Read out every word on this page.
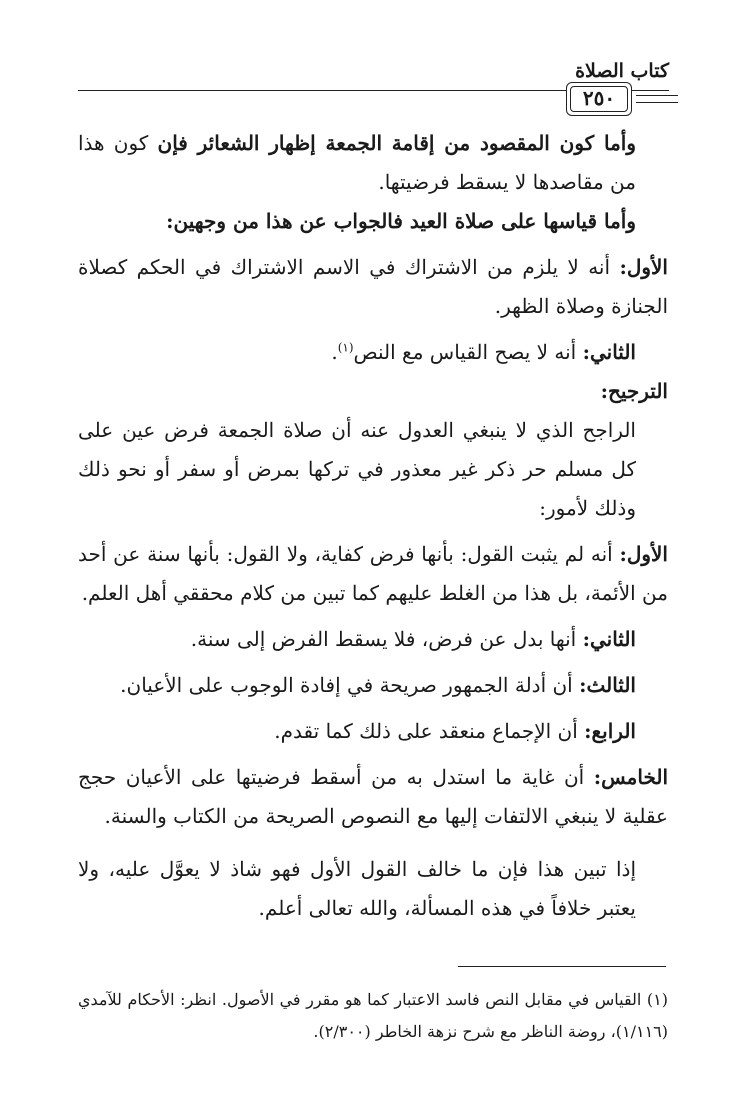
كتاب الصلاة
٢٥٠

وأما كون المقصود من إقامة الجمعة إظهار الشعائر فإن كون هذا من مقاصدها لا يسقط فرضيتها.

وأما قياسها على صلاة العيد فالجواب عن هذا من وجهين:

الأول: أنه لا يلزم من الاشتراك في الاسم الاشتراك في الحكم كصلاة الجنازة وصلاة الظهر.

الثاني: أنه لا يصح القياس مع النص$^{(١)}$.

الترجيح:

الراجح الذي لا ينبغي العدول عنه أن صلاة الجمعة فرض عين على كل مسلم حر ذكر غير معذور في تركها بمرض أو سفر أو نحو ذلك وذلك لأمور:

الأول: أنه لم يثبت القول: بأنها فرض كفاية، ولا القول: بأنها سنة عن أحد من الأئمة، بل هذا من الغلط عليهم كما تبين من كلام محققي أهل العلم.

الثاني: أنها بدل عن فرض، فلا يسقط الفرض إلى سنة.

الثالث: أن أدلة الجمهور صريحة في إفادة الوجوب على الأعيان.

الرابع: أن الإجماع منعقد على ذلك كما تقدم.

الخامس: أن غاية ما استدل به من أسقط فرضيتها على الأعيان حجج عقلية لا ينبغي الالتفات إليها مع النصوص الصريحة من الكتاب والسنة.

إذا تبين هذا فإن ما خالف القول الأول فهو شاذ لا يعوَّل عليه، ولا يعتبر خلافاً في هذه المسألة، والله تعالى أعلم.

(١) القياس في مقابل النص فاسد الاعتبار كما هو مقرر في الأصول. انظر: الأحكام للآمدي (١/١١٦)، روضة الناظر مع شرح نزهة الخاطر (٢/٣٠٠).
